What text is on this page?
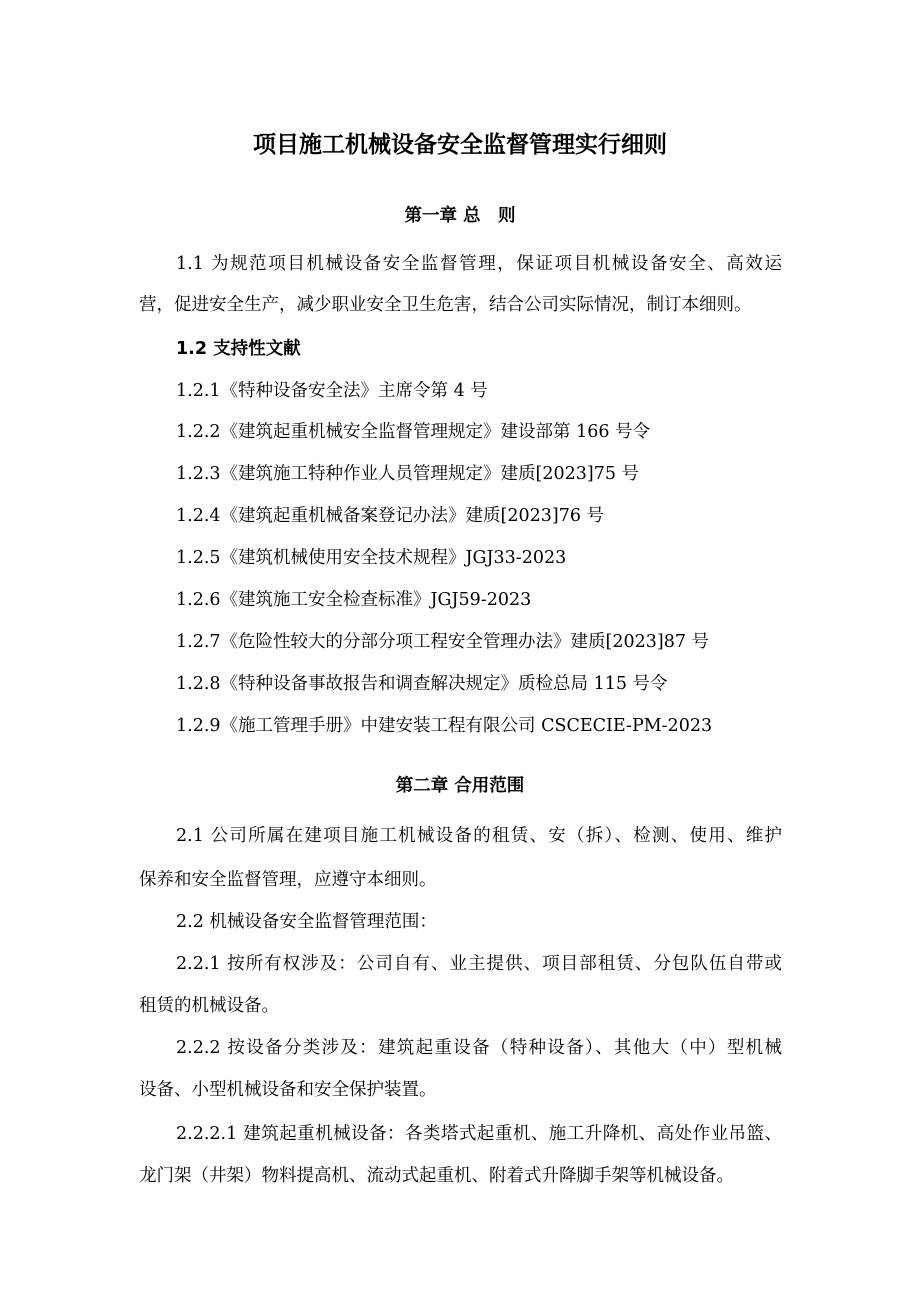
项目施工机械设备安全监督管理实行细则
第一章 总　则
1.1 为规范项目机械设备安全监督管理，保证项目机械设备安全、高效运
营，促进安全生产，减少职业安全卫生危害，结合公司实际情况，制订本细则。
1.2 支持性文献
1.2.1《特种设备安全法》主席令第 4 号
1.2.2《建筑起重机械安全监督管理规定》建设部第 166 号令
1.2.3《建筑施工特种作业人员管理规定》建质[2023]75 号
1.2.4《建筑起重机械备案登记办法》建质[2023]76 号
1.2.5《建筑机械使用安全技术规程》JGJ33-2023
1.2.6《建筑施工安全检查标准》JGJ59-2023
1.2.7《危险性较大的分部分项工程安全管理办法》建质[2023]87 号
1.2.8《特种设备事故报告和调查解决规定》质检总局 115 号令
1.2.9《施工管理手册》中建安装工程有限公司 CSCECIE-PM-2023
第二章 合用范围
2.1 公司所属在建项目施工机械设备的租赁、安（拆）、检测、使用、维护
保养和安全监督管理，应遵守本细则。
2.2 机械设备安全监督管理范围：
2.2.1 按所有权涉及：公司自有、业主提供、项目部租赁、分包队伍自带或
租赁的机械设备。
2.2.2 按设备分类涉及：建筑起重设备（特种设备）、其他大（中）型机械
设备、小型机械设备和安全保护装置。
2.2.2.1 建筑起重机械设备：各类塔式起重机、施工升降机、高处作业吊篮、
龙门架（井架）物料提高机、流动式起重机、附着式升降脚手架等机械设备。
